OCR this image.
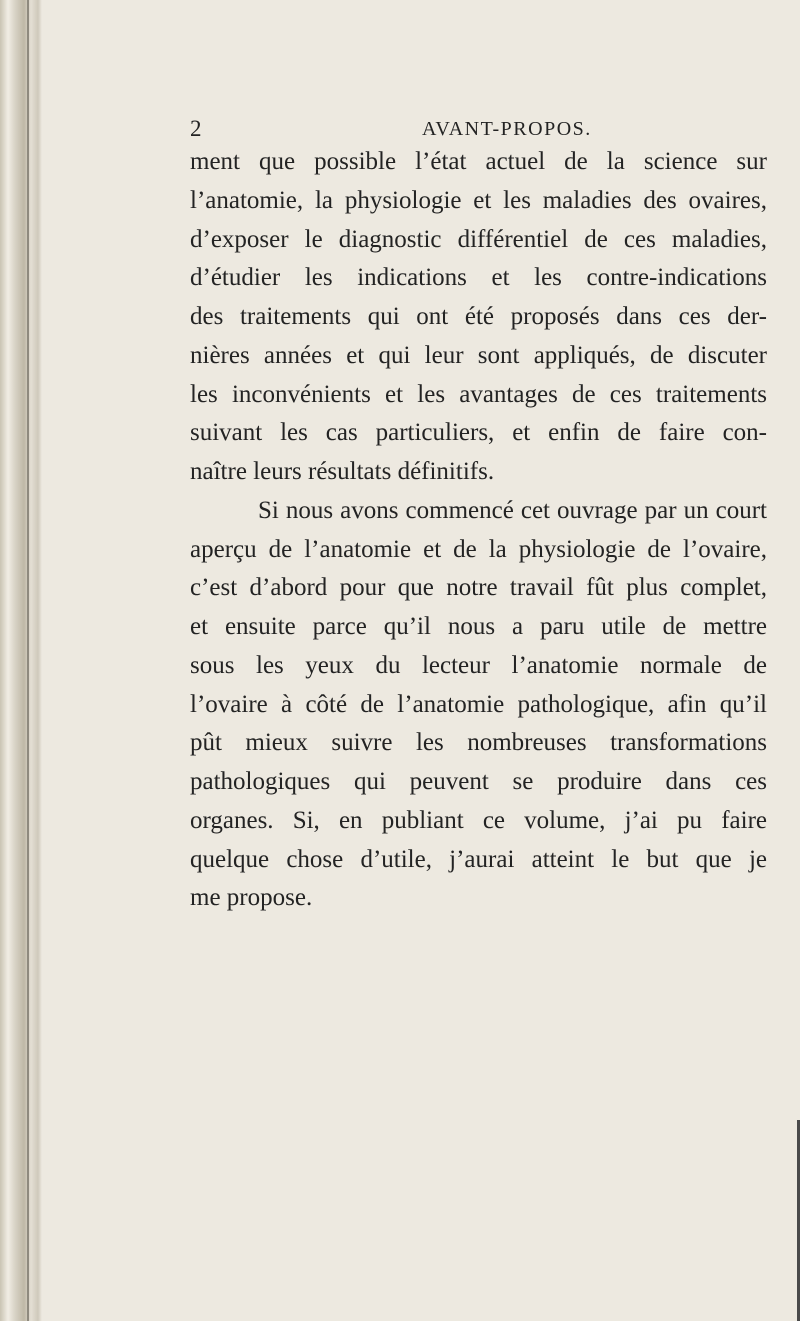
2	AVANT-PROPOS.
ment que possible l’état actuel de la science sur
l’anatomie, la physiologie et les maladies des ovaires,
d’exposer le diagnostic différentiel de ces maladies,
d’étudier les indications et les contre-indications
des traitements qui ont été proposés dans ces der-
nières années et qui leur sont appliqués, de discuter
les inconvénients et les avantages de ces traitements
suivant les cas particuliers, et enfin de faire con-
naître leurs résultats définitifs.
Si nous avons commencé cet ouvrage par un court
aperçu de l’anatomie et de la physiologie de l’ovaire,
c’est d’abord pour que notre travail fût plus complet,
et ensuite parce qu’il nous a paru utile de mettre
sous les yeux du lecteur l’anatomie normale de
l’ovaire à côté de l’anatomie pathologique, afin qu’il
pût mieux suivre les nombreuses transformations
pathologiques qui peuvent se produire dans ces
organes. Si, en publiant ce volume, j’ai pu faire
quelque chose d’utile, j’aurai atteint le but que je
me propose.
